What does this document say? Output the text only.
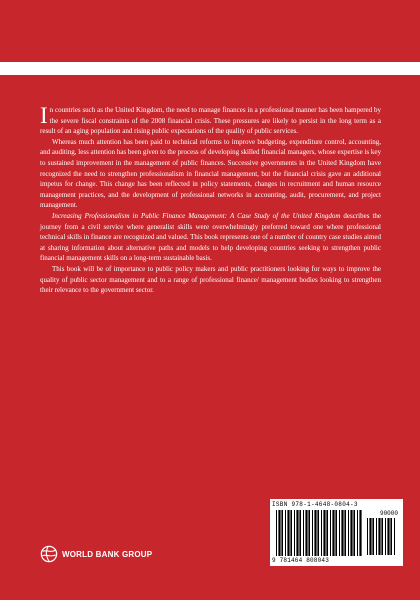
In countries such as the United Kingdom, the need to manage finances in a professional manner has been hampered by the severe fiscal constraints of the 2008 financial crisis. These pressures are likely to persist in the long term as a result of an aging population and rising public expectations of the quality of public services.

Whereas much attention has been paid to technical reforms to improve budgeting, expenditure control, accounting, and auditing, less attention has been given to the process of developing skilled financial managers, whose expertise is key to sustained improvement in the management of public finances. Successive governments in the United Kingdom have recognized the need to strengthen professionalism in financial management, but the financial crisis gave an additional impetus for change. This change has been reflected in policy statements, changes in recruitment and human resource management practices, and the development of professional networks in accounting, audit, procurement, and project management.

Increasing Professionalism in Public Finance Management: A Case Study of the United Kingdom describes the journey from a civil service where generalist skills were overwhelmingly preferred toward one where professional technical skills in finance are recognized and valued. This book represents one of a number of country case studies aimed at sharing information about alternative paths and models to help developing countries seeking to strengthen public financial management skills on a long-term sustainable basis.

This book will be of importance to public policy makers and public practitioners looking for ways to improve the quality of public sector management and to a range of professional finance/ management bodies looking to strengthen their relevance to the government sector.

ISBN 978-1-4648-0804-3
90000
9 781464 808043
WORLD BANK GROUP
